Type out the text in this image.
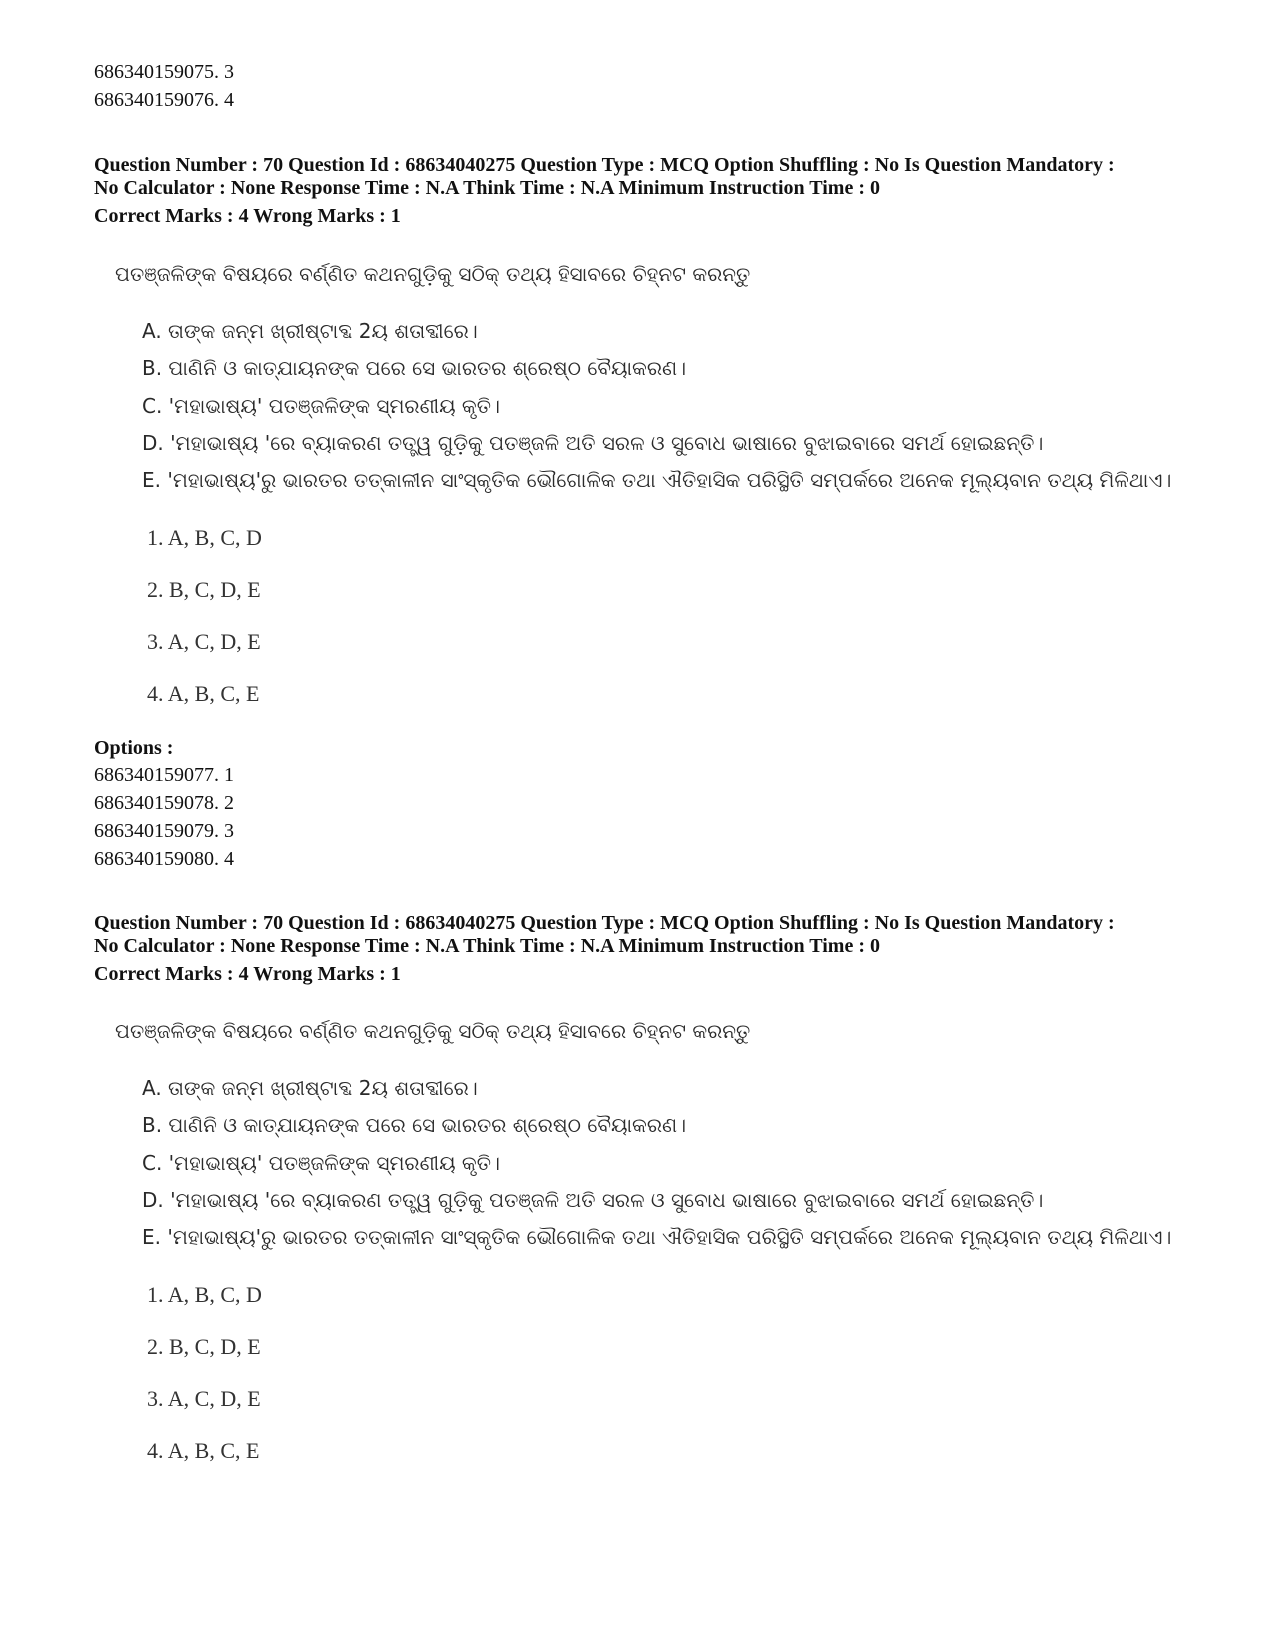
686340159075. 3
686340159076. 4
Question Number : 70 Question Id : 68634040275 Question Type : MCQ Option Shuffling : No Is Question Mandatory :
No Calculator : None Response Time : N.A Think Time : N.A Minimum Instruction Time : 0
Correct Marks : 4 Wrong Marks : 1
ପତଞ୍ଜଳିଙ୍କ ବିଷୟରେ ବର୍ଣ୍ଣିତ କଥନଗୁଡ଼ିକୁ ସଠିକ୍ ତଥ୍ୟ ହିସାବରେ ଚିହ୍ନଟ କରନ୍ତୁ
A. ତାଙ୍କ ଜନ୍ମ ଖ୍ରୀଷ୍ଟାବ୍ଦ 2ୟ ଶତାବ୍ଦୀରେ।
B. ପାଣିନି ଓ କାତ୍ଯାୟନଙ୍କ ପରେ ସେ ଭାରତର ଶ୍ରେଷ୍ଠ ବୈୟାକରଣ।
C. 'ମହାଭାଷ୍ୟ' ପତଞ୍ଜଳିଙ୍କ ସ୍ମରଣୀୟ କୃତି।
D. 'ମହାଭାଷ୍ୟ 'ରେ ବ୍ୟାକରଣ ତତ୍ତ୍ୱ ଗୁଡ଼ିକୁ ପତଞ୍ଜଳି ଅତି ସରଳ ଓ ସୁବୋଧ ଭାଷାରେ ବୁଝାଇବାରେ ସମର୍ଥ ହୋଇଛନ୍ତି।
E. 'ମହାଭାଷ୍ୟ'ରୁ ଭାରତର ତତ୍କାଳୀନ ସାଂସ୍କୃତିକ ଭୌଗୋଳିକ ତଥା ଐତିହାସିକ ପରିସ୍ଥିତି ସମ୍ପର୍କରେ ଅନେକ ମୂଲ୍ୟବାନ ତଥ୍ୟ ମିଳିଥାଏ।
1. A, B, C, D
2. B, C, D, E
3. A, C, D, E
4. A, B, C, E
Options :
686340159077. 1
686340159078. 2
686340159079. 3
686340159080. 4
Question Number : 70 Question Id : 68634040275 Question Type : MCQ Option Shuffling : No Is Question Mandatory :
No Calculator : None Response Time : N.A Think Time : N.A Minimum Instruction Time : 0
Correct Marks : 4 Wrong Marks : 1
ପତଞ୍ଜଳିଙ୍କ ବିଷୟରେ ବର୍ଣ୍ଣିତ କଥନଗୁଡ଼ିକୁ ସଠିକ୍ ତଥ୍ୟ ହିସାବରେ ଚିହ୍ନଟ କରନ୍ତୁ
A. ତାଙ୍କ ଜନ୍ମ ଖ୍ରୀଷ୍ଟାବ୍ଦ 2ୟ ଶତାବ୍ଦୀରେ।
B. ପାଣିନି ଓ କାତ୍ଯାୟନଙ୍କ ପରେ ସେ ଭାରତର ଶ୍ରେଷ୍ଠ ବୈୟାକରଣ।
C. 'ମହାଭାଷ୍ୟ' ପତଞ୍ଜଳିଙ୍କ ସ୍ମରଣୀୟ କୃତି।
D. 'ମହାଭାଷ୍ୟ 'ରେ ବ୍ୟାକରଣ ତତ୍ତ୍ୱ ଗୁଡ଼ିକୁ ପତଞ୍ଜଳି ଅତି ସରଳ ଓ ସୁବୋଧ ଭାଷାରେ ବୁଝାଇବାରେ ସମର୍ଥ ହୋଇଛନ୍ତି।
E. 'ମହାଭାଷ୍ୟ'ରୁ ଭାରତର ତତ୍କାଳୀନ ସାଂସ୍କୃତିକ ଭୌଗୋଳିକ ତଥା ଐତିହାସିକ ପରିସ୍ଥିତି ସମ୍ପର୍କରେ ଅନେକ ମୂଲ୍ୟବାନ ତଥ୍ୟ ମିଳିଥାଏ।
1. A, B, C, D
2. B, C, D, E
3. A, C, D, E
4. A, B, C, E
